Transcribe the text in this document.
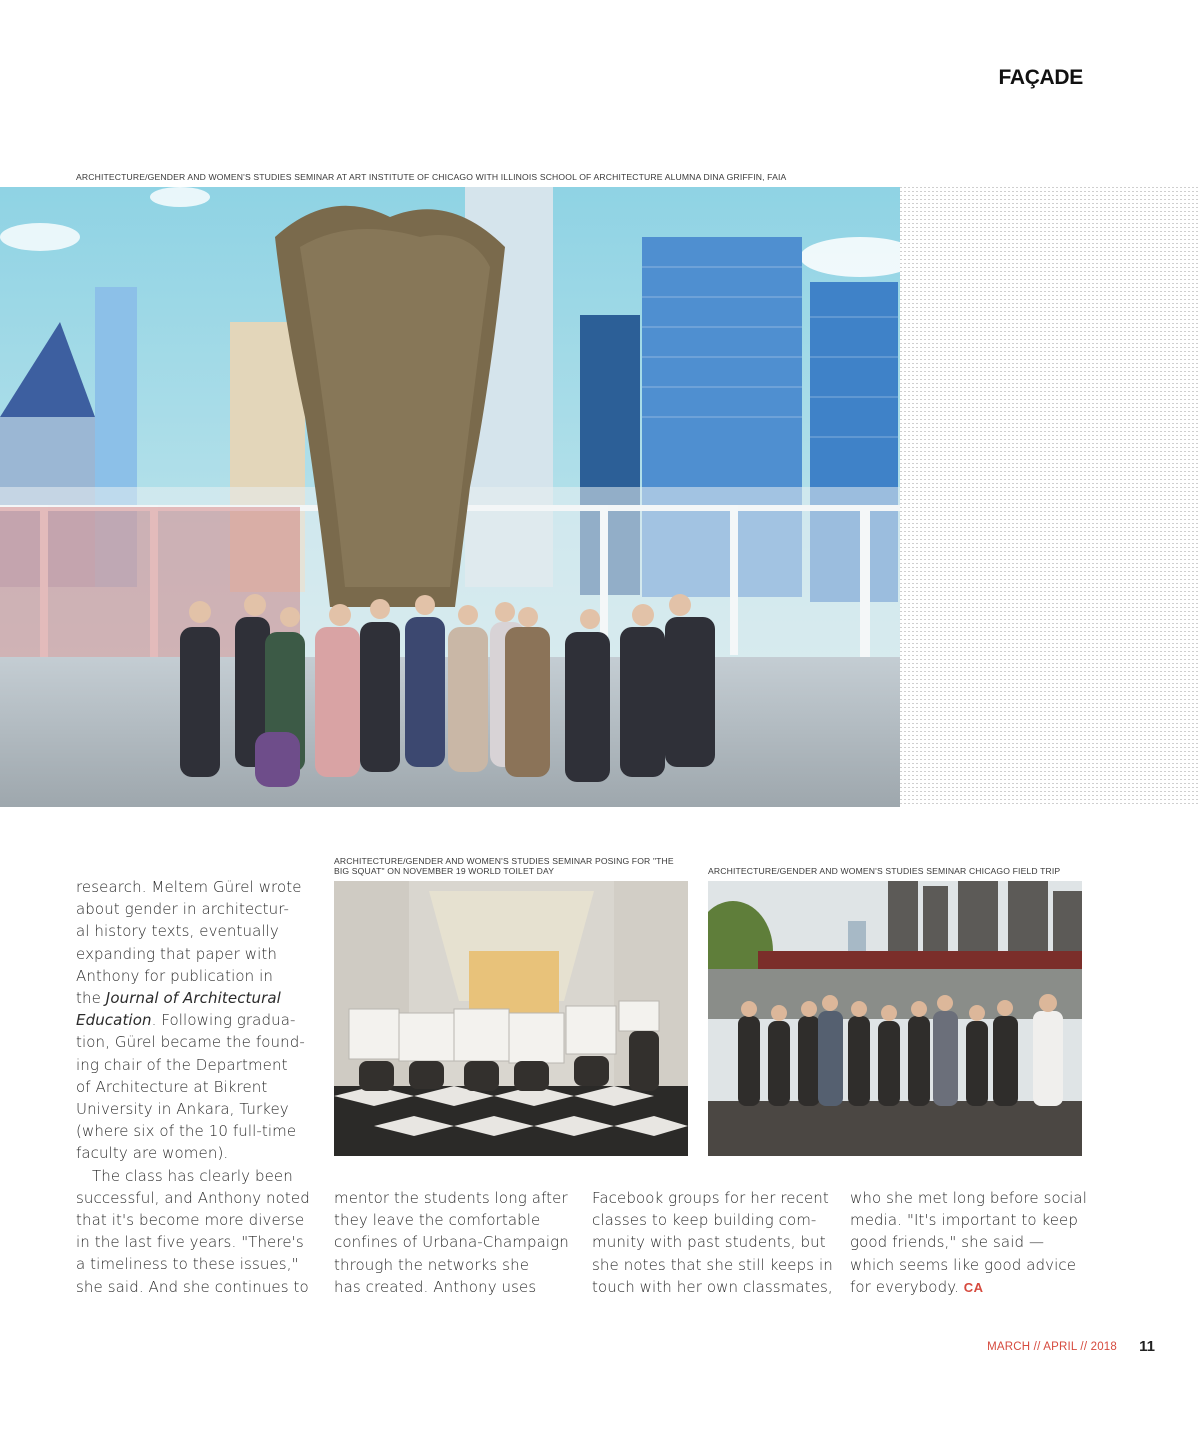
FAÇADE
ARCHITECTURE/GENDER AND WOMEN'S STUDIES SEMINAR AT ART INSTITUTE OF CHICAGO WITH ILLINOIS SCHOOL OF ARCHITECTURE ALUMNA DINA GRIFFIN, FAIA
ARCHITECTURE/GENDER AND WOMEN'S STUDIES SEMINAR POSING FOR "THE
BIG SQUAT" ON NOVEMBER 19 WORLD TOILET DAY	ARCHITECTURE/GENDER AND WOMEN'S STUDIES SEMINAR CHICAGO FIELD TRIP
research. Meltem Gürel wrote
about gender in architectur-
al history texts, eventually
expanding that paper with
Anthony for publication in
the Journal of Architectural
Education. Following gradua-
tion, Gürel became the found-
ing chair of the Department
of Architecture at Bikrent
University in Ankara, Turkey
(where six of the 10 full-time
faculty are women).
The class has clearly been
successful, and Anthony noted
that it's become more diverse
in the last five years. "There's
a timeliness to these issues,"
she said. And she continues to
mentor the students long after
they leave the comfortable
confines of Urbana-Champaign
through the networks she
has created. Anthony uses
Facebook groups for her recent
classes to keep building com-
munity with past students, but
she notes that she still keeps in
touch with her own classmates,
who she met long before social
media. "It's important to keep
good friends," she said —
which seems like good advice
for everybody. CA
MARCH // APRIL // 2018	11
